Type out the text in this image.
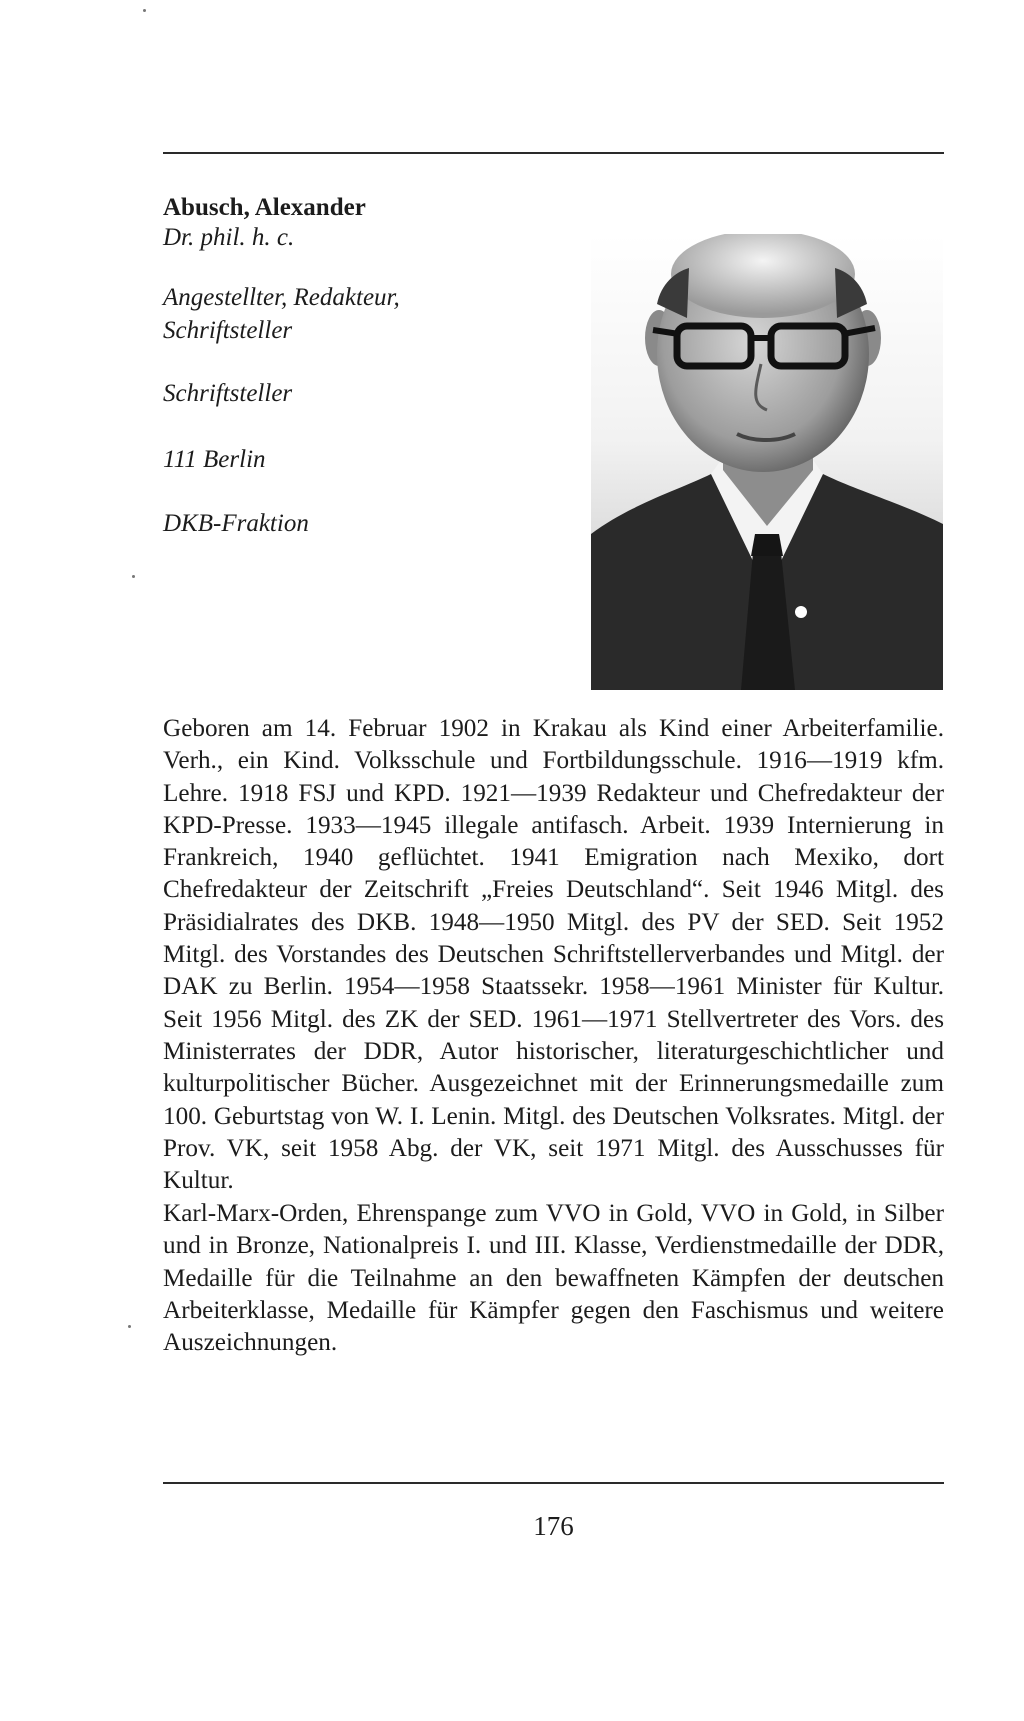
Abusch, Alexander

Dr. phil. h. c.

Angestellter, Redakteur, Schriftsteller

Schriftsteller

111 Berlin

DKB-Fraktion

Geboren am 14. Februar 1902 in Krakau als Kind einer Arbeiterfamilie. Verh., ein Kind. Volksschule und Fortbildungsschule. 1916—1919 kfm. Lehre. 1918 FSJ und KPD. 1921—1939 Redakteur und Chefredakteur der KPD-Presse. 1933—1945 illegale antifasch. Arbeit. 1939 Internierung in Frankreich, 1940 geflüchtet. 1941 Emigration nach Mexiko, dort Chefredakteur der Zeitschrift „Freies Deutschland“. Seit 1946 Mitgl. des Präsidialrates des DKB. 1948—1950 Mitgl. des PV der SED. Seit 1952 Mitgl. des Vorstandes des Deutschen Schriftstellerverbandes und Mitgl. der DAK zu Berlin. 1954—1958 Staatssekr. 1958—1961 Minister für Kultur. Seit 1956 Mitgl. des ZK der SED. 1961—1971 Stellvertreter des Vors. des Ministerrates der DDR, Autor historischer, literaturgeschichtlicher und kulturpolitischer Bücher. Ausgezeichnet mit der Erinnerungsmedaille zum 100. Geburtstag von W. I. Lenin. Mitgl. des Deutschen Volksrates. Mitgl. der Prov. VK, seit 1958 Abg. der VK, seit 1971 Mitgl. des Ausschusses für Kultur.

Karl-Marx-Orden, Ehrenspange zum VVO in Gold, VVO in Gold, in Silber und in Bronze, Nationalpreis I. und III. Klasse, Verdienstmedaille der DDR, Medaille für die Teilnahme an den bewaffneten Kämpfen der deutschen Arbeiterklasse, Medaille für Kämpfer gegen den Faschismus und weitere Auszeichnungen.

176
